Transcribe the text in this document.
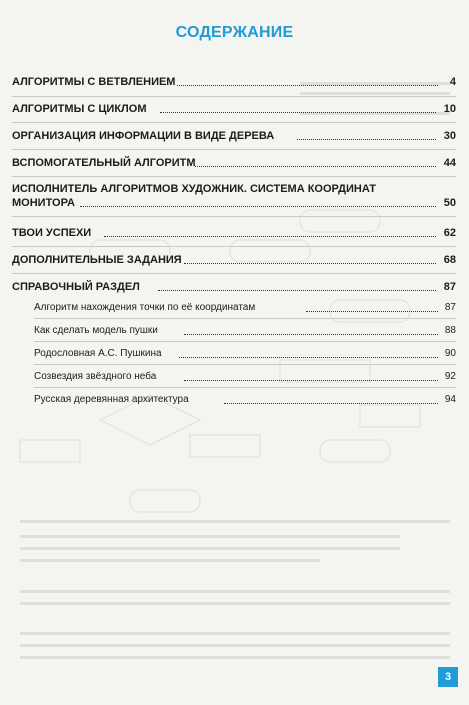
СОДЕРЖАНИЕ
АЛГОРИТМЫ С ВЕТВЛЕНИЕМ	4
АЛГОРИТМЫ С ЦИКЛОМ	10
ОРГАНИЗАЦИЯ ИНФОРМАЦИИ В ВИДЕ ДЕРЕВА	30
ВСПОМОГАТЕЛЬНЫЙ АЛГОРИТМ	44
ИСПОЛНИТЕЛЬ АЛГОРИТМОВ ХУДОЖНИК. СИСТЕМА КООРДИНАТ
МОНИТОРА	50
ТВОИ УСПЕХИ	62
ДОПОЛНИТЕЛЬНЫЕ ЗАДАНИЯ	68
СПРАВОЧНЫЙ РАЗДЕЛ	87
Алгоритм нахождения точки по её координатам	87
Как сделать модель пушки	88
Родословная А.С. Пушкина	90
Созвездия звёздного неба	92
Русская деревянная архитектура	94
3
